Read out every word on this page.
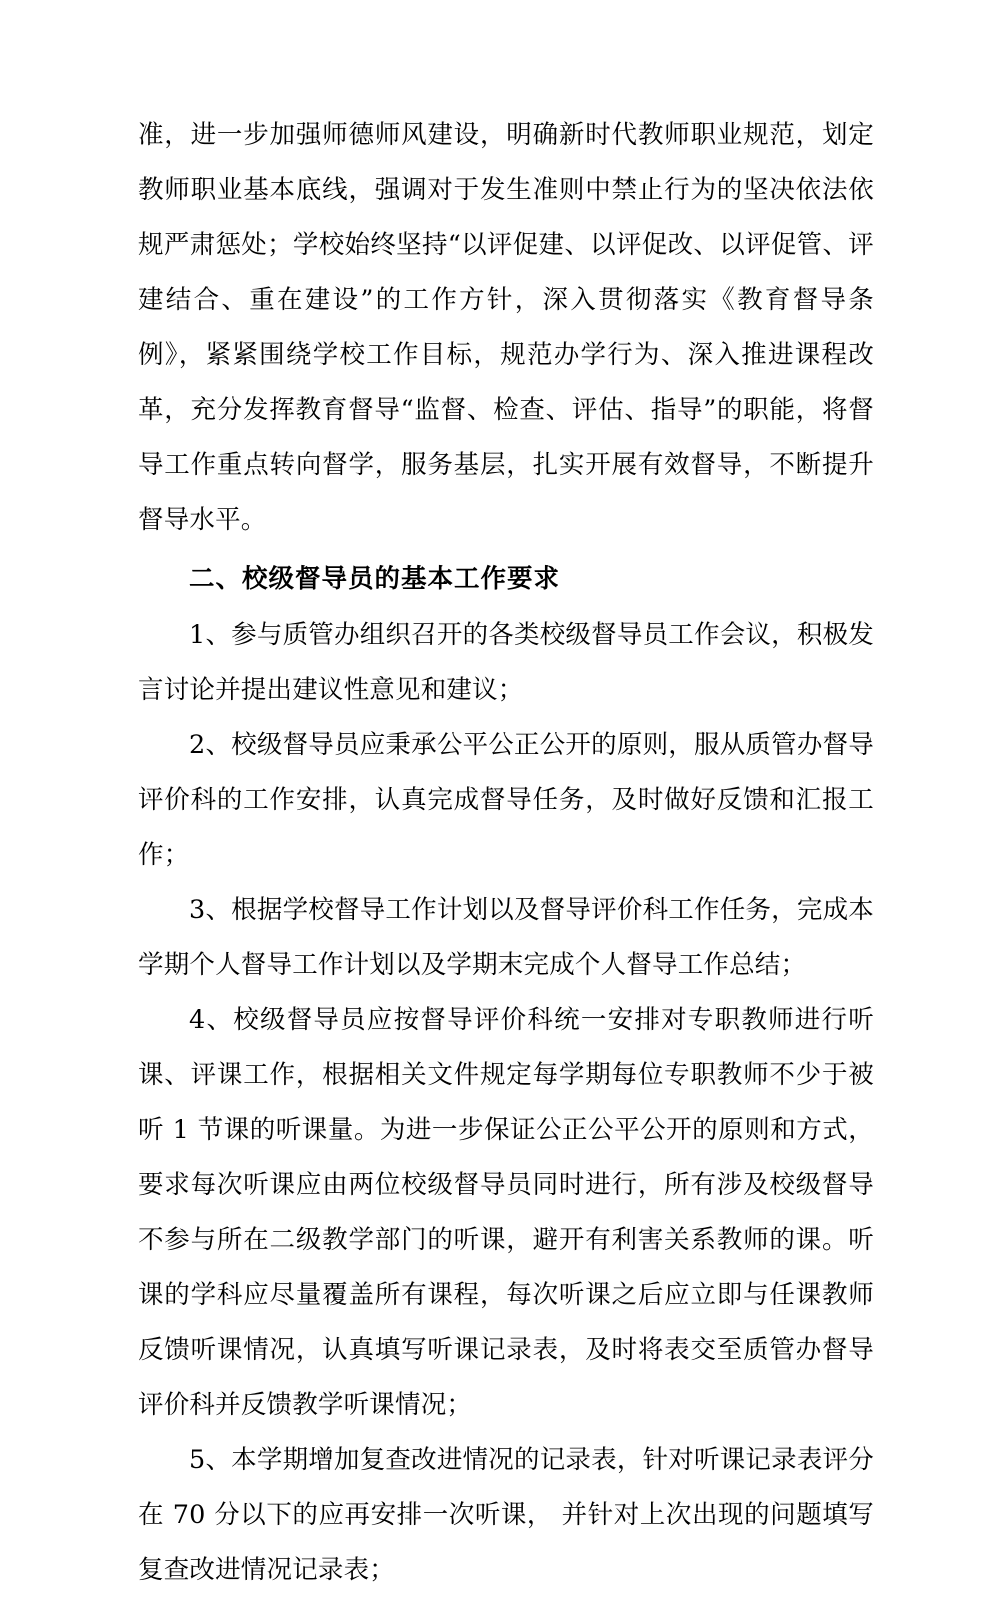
准，进一步加强师德师风建设，明确新时代教师职业规范，划定教师职业基本底线，强调对于发生准则中禁止行为的坚决依法依规严肃惩处；学校始终坚持“以评促建、以评促改、以评促管、评建结合、重在建设”的工作方针，深入贯彻落实《教育督导条例》，紧紧围绕学校工作目标，规范办学行为、深入推进课程改革，充分发挥教育督导“监督、检查、评估、指导”的职能，将督导工作重点转向督学，服务基层，扎实开展有效督导，不断提升督导水平。

二、校级督导员的基本工作要求

1、参与质管办组织召开的各类校级督导员工作会议，积极发言讨论并提出建议性意见和建议；

2、校级督导员应秉承公平公正公开的原则，服从质管办督导评价科的工作安排，认真完成督导任务，及时做好反馈和汇报工作；

3、根据学校督导工作计划以及督导评价科工作任务，完成本学期个人督导工作计划以及学期末完成个人督导工作总结；

4、校级督导员应按督导评价科统一安排对专职教师进行听课、评课工作，根据相关文件规定每学期每位专职教师不少于被听 1 节课的听课量。为进一步保证公正公平公开的原则和方式，要求每次听课应由两位校级督导员同时进行，所有涉及校级督导不参与所在二级教学部门的听课，避开有利害关系教师的课。听课的学科应尽量覆盖所有课程，每次听课之后应立即与任课教师反馈听课情况，认真填写听课记录表，及时将表交至质管办督导评价科并反馈教学听课情况；

5、本学期增加复查改进情况的记录表，针对听课记录表评分在 70 分以下的应再安排一次听课， 并针对上次出现的问题填写复查改进情况记录表；
